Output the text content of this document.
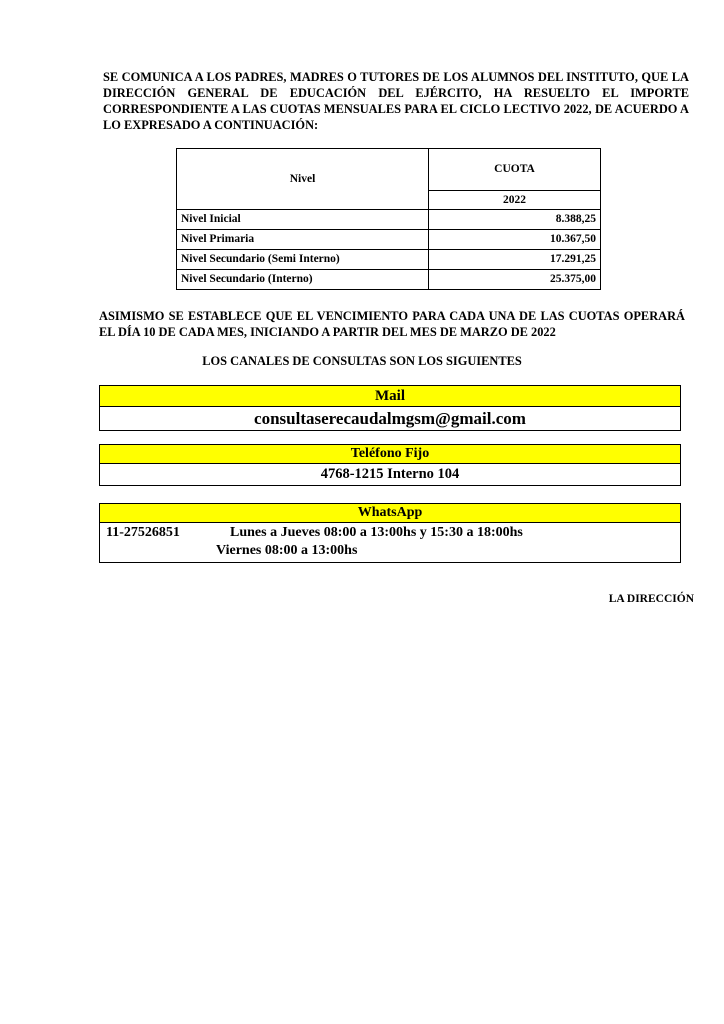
SE COMUNICA A LOS PADRES, MADRES O TUTORES DE LOS ALUMNOS DEL INSTITUTO, QUE LA DIRECCIÓN GENERAL DE EDUCACIÓN DEL EJÉRCITO, HA RESUELTO EL IMPORTE CORRESPONDIENTE A LAS CUOTAS MENSUALES PARA EL CICLO LECTIVO 2022, DE ACUERDO A LO EXPRESADO A CONTINUACIÓN:
Nivel	CUOTA
	2022
Nivel Inicial	8.388,25
Nivel Primaria	10.367,50
Nivel Secundario (Semi Interno)	17.291,25
Nivel Secundario (Interno)	25.375,00
ASIMISMO SE ESTABLECE QUE EL VENCIMIENTO PARA CADA UNA DE LAS CUOTAS OPERARÁ EL DÍA 10 DE CADA MES, INICIANDO A PARTIR DEL MES DE MARZO DE 2022
LOS CANALES DE CONSULTAS SON LOS SIGUIENTES
Mail
consultaserecaudalmgsm@gmail.com
Teléfono Fijo
4768-1215 Interno 104
WhatsApp
11-27526851	Lunes a Jueves 08:00 a 13:00hs y 15:30 a 18:00hs
Viernes 08:00 a 13:00hs
LA DIRECCIÓN
